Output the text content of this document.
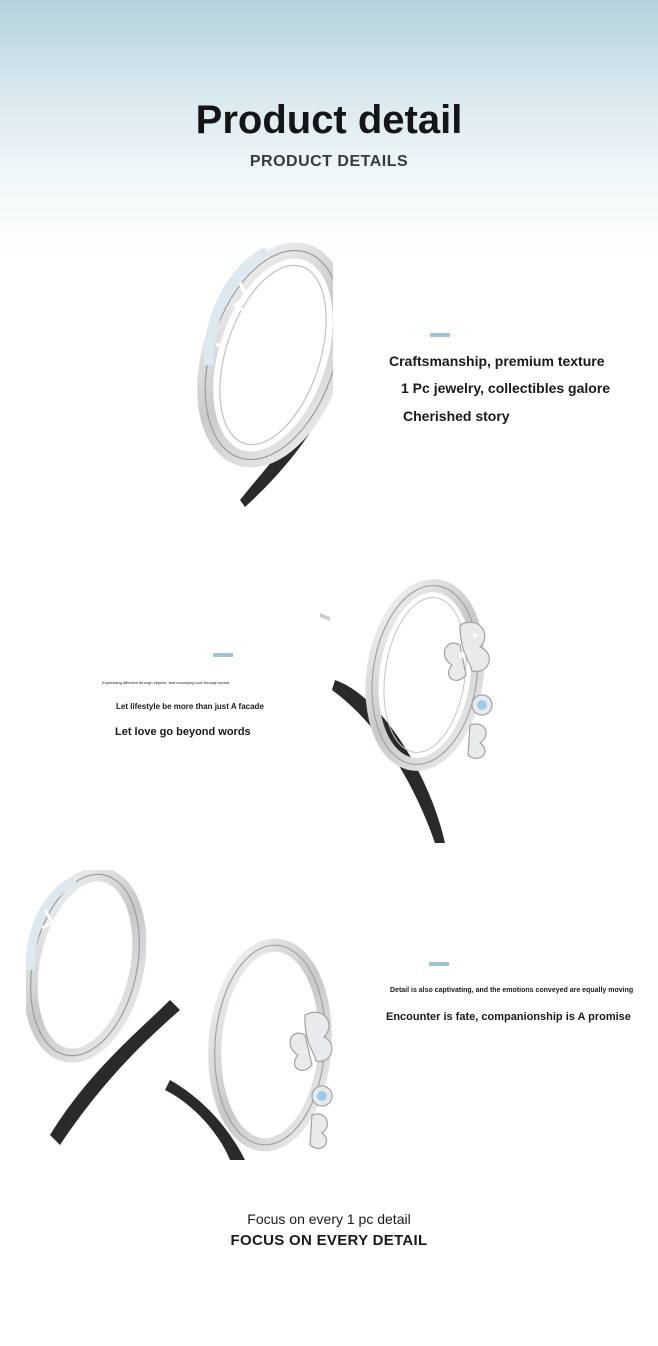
Product detail
PRODUCT DETAILS
Craftsmanship, premium texture
1 Pc jewelry, collectibles galore
Cherished story
Expressing affection through objects, and conveying love through words
Let lifestyle be more than just A facade
Let love go beyond words
Detail is also captivating, and the emotions conveyed are equally moving
Encounter is fate, companionship is A promise
Focus on every 1 pc detail
FOCUS ON EVERY DETAIL
